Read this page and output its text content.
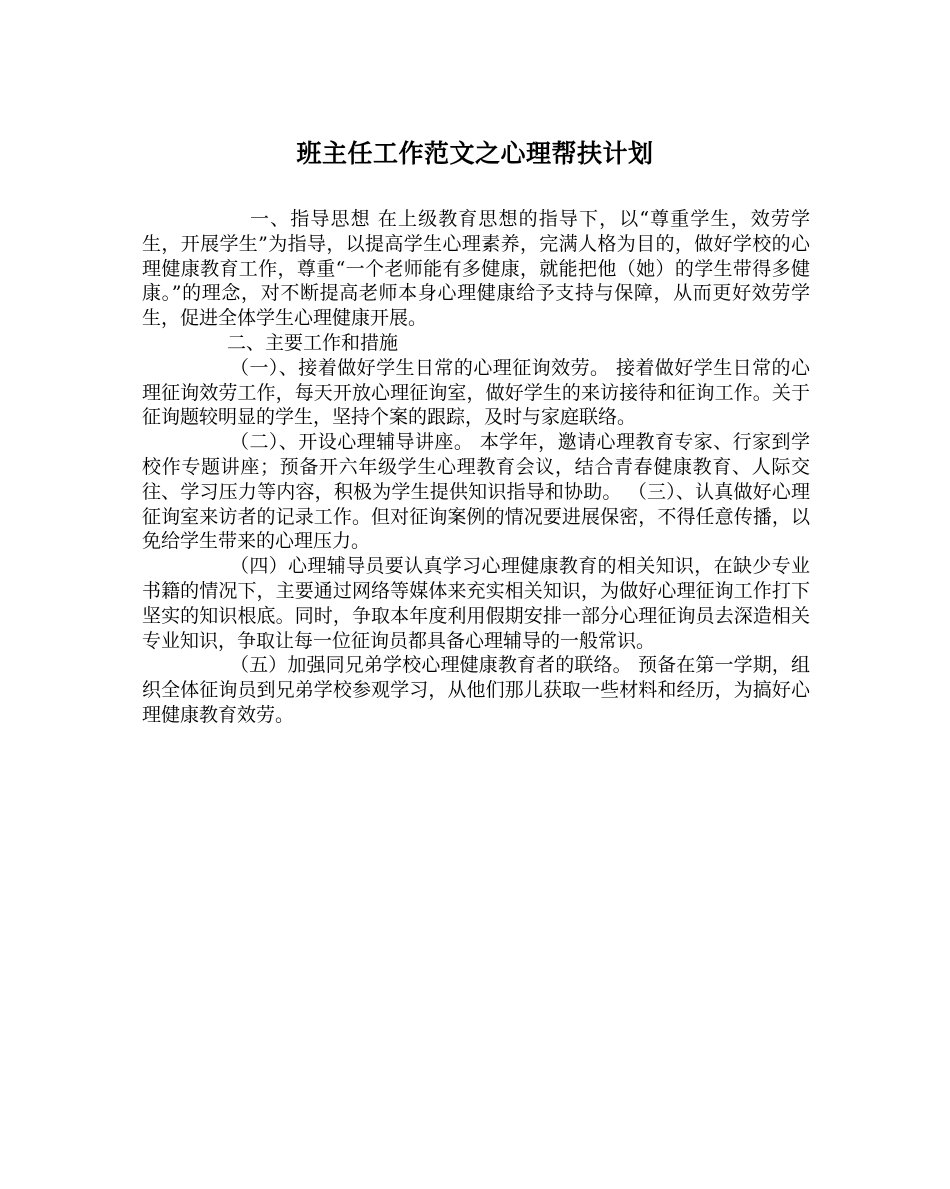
班主任工作范文之心理帮扶计划

一、指导思想 在上级教育思想的指导下，以“尊重学生，效劳学生，开展学生”为指导，以提高学生心理素养，完满人格为目的，做好学校的心理健康教育工作，尊重“一个老师能有多健康，就能把他（她）的学生带得多健康。”的理念，对不断提高老师本身心理健康给予支持与保障，从而更好效劳学生，促进全体学生心理健康开展。

二、主要工作和措施

（一）、接着做好学生日常的心理征询效劳。 接着做好学生日常的心理征询效劳工作，每天开放心理征询室，做好学生的来访接待和征询工作。关于征询题较明显的学生，坚持个案的跟踪，及时与家庭联络。

（二）、开设心理辅导讲座。 本学年，邀请心理教育专家、行家到学校作专题讲座；预备开六年级学生心理教育会议，结合青春健康教育、人际交往、学习压力等内容，积极为学生提供知识指导和协助。 （三）、认真做好心理征询室来访者的记录工作。但对征询案例的情况要进展保密，不得任意传播，以免给学生带来的心理压力。

（四）心理辅导员要认真学习心理健康教育的相关知识，在缺少专业书籍的情况下，主要通过网络等媒体来充实相关知识，为做好心理征询工作打下坚实的知识根底。同时，争取本年度利用假期安排一部分心理征询员去深造相关专业知识，争取让每一位征询员都具备心理辅导的一般常识。

（五）加强同兄弟学校心理健康教育者的联络。 预备在第一学期，组织全体征询员到兄弟学校参观学习，从他们那儿获取一些材料和经历，为搞好心理健康教育效劳。
